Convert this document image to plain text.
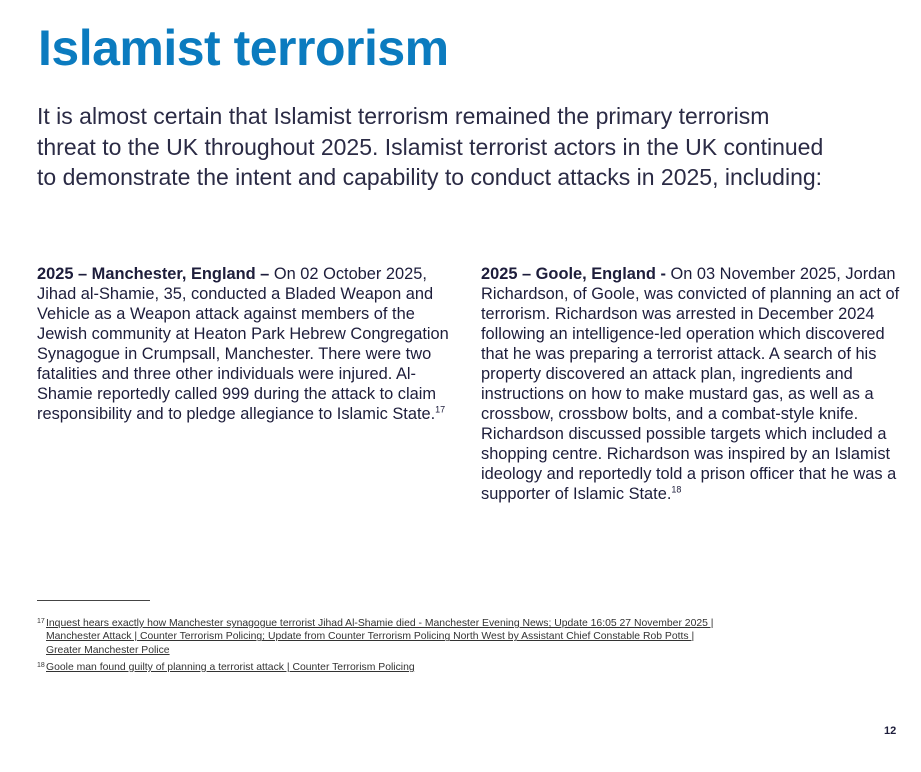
Islamist terrorism

It is almost certain that Islamist terrorism remained the primary terrorism threat to the UK throughout 2025. Islamist terrorist actors in the UK continued to demonstrate the intent and capability to conduct attacks in 2025, including:

2025 – Manchester, England – On 02 October 2025, Jihad al-Shamie, 35, conducted a Bladed Weapon and Vehicle as a Weapon attack against members of the Jewish community at Heaton Park Hebrew Congregation Synagogue in Crumpsall, Manchester. There were two fatalities and three other individuals were injured. Al-Shamie reportedly called 999 during the attack to claim responsibility and to pledge allegiance to Islamic State.$^{17}$

2025 – Goole, England - On 03 November 2025, Jordan Richardson, of Goole, was convicted of planning an act of terrorism. Richardson was arrested in December 2024 following an intelligence-led operation which discovered that he was preparing a terrorist attack. A search of his property discovered an attack plan, ingredients and instructions on how to make mustard gas, as well as a crossbow, crossbow bolts, and a combat-style knife. Richardson discussed possible targets which included a shopping centre. Richardson was inspired by an Islamist ideology and reportedly told a prison officer that he was a supporter of Islamic State.$^{18}$

17 Inquest hears exactly how Manchester synagogue terrorist Jihad Al-Shamie died - Manchester Evening News; Update 16:05 27 November 2025 | Manchester Attack | Counter Terrorism Policing; Update from Counter Terrorism Policing North West by Assistant Chief Constable Rob Potts | Greater Manchester Police
18 Goole man found guilty of planning a terrorist attack | Counter Terrorism Policing
12
